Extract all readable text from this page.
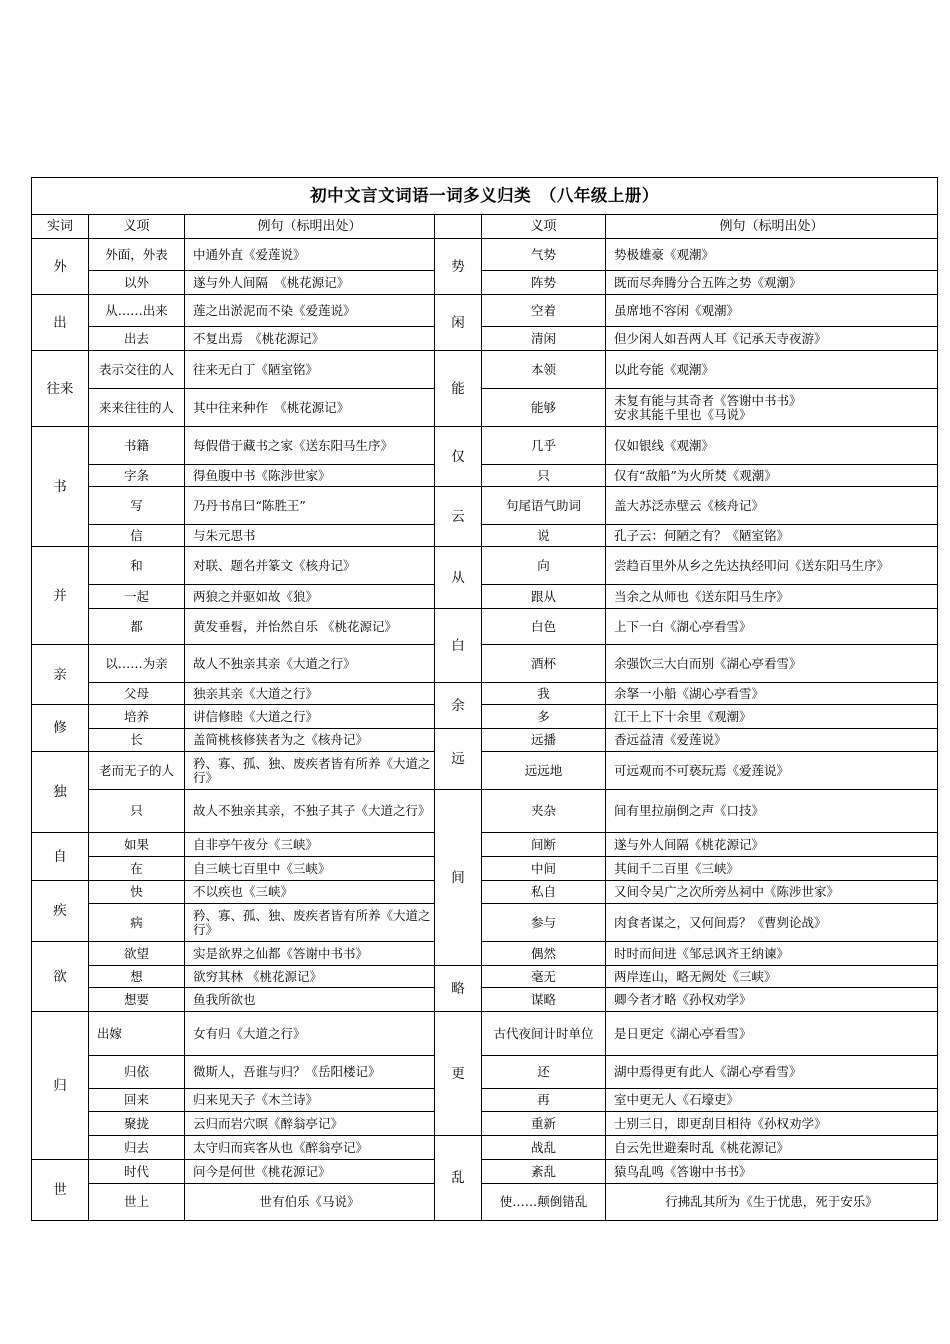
初中文言文词语一词多义归类　（八年级上册）					
实词	义项	例句（标明出处）		义项	例句（标明出处）
外	外面，外表	中通外直《爱莲说》	势	气势	势极雄豪《观潮》
	以外	遂与外人间隔　《桃花源记》		阵势	既而尽奔腾分合五阵之势《观潮》
出	从……出来	莲之出淤泥而不染《爱莲说》	闲	空着	虽席地不容闲《观潮》
	出去	不复出焉　《桃花源记》		清闲	但少闲人如吾两人耳《记承天寺夜游》
往来	表示交往的人	往来无白丁《陋室铭》	能	本领	以此夸能《观潮》
	来来往往的人	其中往来种作　《桃花源记》		能够	未复有能与其奇者《答谢中书书》
安求其能千里也《马说》

书	书籍	每假借于藏书之家《送东阳马生序》	仅	几乎	仅如银线《观潮》
	字条	得鱼腹中书《陈涉世家》		只	仅有“敌船”为火所焚《观潮》
	写	乃丹书帛曰“陈胜王”	云	句尾语气助词	盖大苏泛赤壁云《核舟记》
	信	与朱元思书		说	孔子云：何陋之有？《陋室铭》
并	和	对联、题名并篆文《核舟记》	从	向	尝趋百里外从乡之先达执经叩问《送东阳马生序》
	一起	两狼之并驱如故《狼》		跟从	当余之从师也《送东阳马生序》
	都	黄发垂髫，并怡然自乐 《桃花源记》	白	白色	上下一白《湖心亭看雪》
亲	以……为亲	故人不独亲其亲《大道之行》		酒杯	余强饮三大白而别《湖心亭看雪》
	父母	独亲其亲《大道之行》	余	我	余拏一小船《湖心亭看雪》
修	培养	讲信修睦《大道之行》		多	江干上下十余里《观潮》
	长	盖简桃核修狭者为之《核舟记》	远	远播	香远益清《爱莲说》
独	老而无子的人	矜、寡、孤、独、废疾者皆有所养《大道之行》		远远地	可远观而不可亵玩焉《爱莲说》
	只	故人不独亲其亲，不独子其子《大道之行》	间	夹杂	间有里拉崩倒之声《口技》
自	如果	自非亭午夜分《三峡》		间断	遂与外人间隔《桃花源记》
	在	自三峡七百里中《三峡》		中间	其间千二百里《三峡》
疾	快	不以疾也《三峡》		私自	又间令吴广之次所旁丛祠中《陈涉世家》
	病	矜、寡、孤、独、废疾者皆有所养《大道之行》		参与	肉食者谋之，又何间焉？《曹刿论战》
欲	欲望	实是欲界之仙都《答谢中书书》		偶然	时时而间进《邹忌讽齐王纳谏》
	想	欲穷其林 《桃花源记》	略	毫无	两岸连山，略无阙处《三峡》
	想要	鱼我所欲也		谋略	卿今者才略《孙权劝学》
归	出嫁	女有归《大道之行》	更	古代夜间计时单位	是日更定《湖心亭看雪》
	归依	微斯人，吾谁与归？《岳阳楼记》		还	湖中焉得更有此人《湖心亭看雪》
	回来	归来见天子《木兰诗》		再	室中更无人《石壕吏》
	聚拢	云归而岩穴暝《醉翁亭记》		重新	士别三日，即更刮目相待《孙权劝学》
	归去	太守归而宾客从也《醉翁亭记》	乱	战乱	自云先世避秦时乱《桃花源记》
世	时代	问今是何世《桃花源记》		紊乱	猿鸟乱鸣《答谢中书书》
	世上	世有伯乐《马说》		使……颠倒错乱	行拂乱其所为《生于忧患，死于安乐》
